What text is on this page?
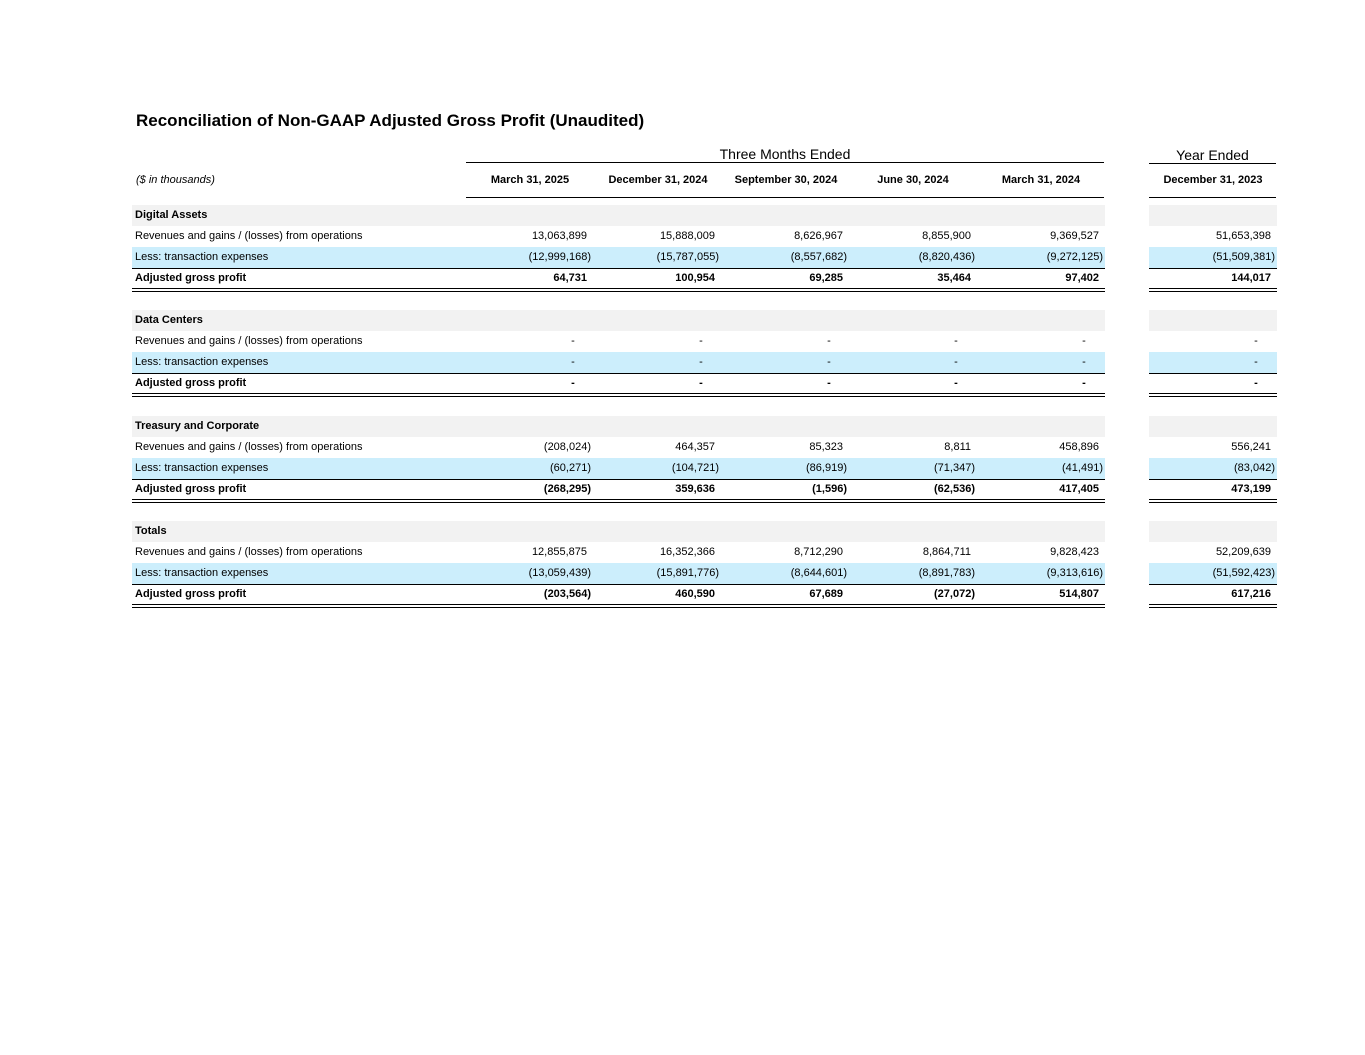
Reconciliation of Non-GAAP Adjusted Gross Profit (Unaudited)
Three Months Ended	Year Ended
($ in thousands)	March 31, 2025	December 31, 2024	September 30, 2024	June 30, 2024	March 31, 2024	December 31, 2023
Digital Assets
Revenues and gains / (losses) from operations	13,063,899	15,888,009	8,626,967	8,855,900	9,369,527	51,653,398
Less: transaction expenses	(12,999,168)	(15,787,055)	(8,557,682)	(8,820,436)	(9,272,125)	(51,509,381)
Adjusted gross profit	64,731	100,954	69,285	35,464	97,402	144,017
Data Centers
Revenues and gains / (losses) from operations	-	-	-	-	-	-
Less: transaction expenses	-	-	-	-	-	-
Adjusted gross profit	-	-	-	-	-	-
Treasury and Corporate
Revenues and gains / (losses) from operations	(208,024)	464,357	85,323	8,811	458,896	556,241
Less: transaction expenses	(60,271)	(104,721)	(86,919)	(71,347)	(41,491)	(83,042)
Adjusted gross profit	(268,295)	359,636	(1,596)	(62,536)	417,405	473,199
Totals
Revenues and gains / (losses) from operations	12,855,875	16,352,366	8,712,290	8,864,711	9,828,423	52,209,639
Less: transaction expenses	(13,059,439)	(15,891,776)	(8,644,601)	(8,891,783)	(9,313,616)	(51,592,423)
Adjusted gross profit	(203,564)	460,590	67,689	(27,072)	514,807	617,216
